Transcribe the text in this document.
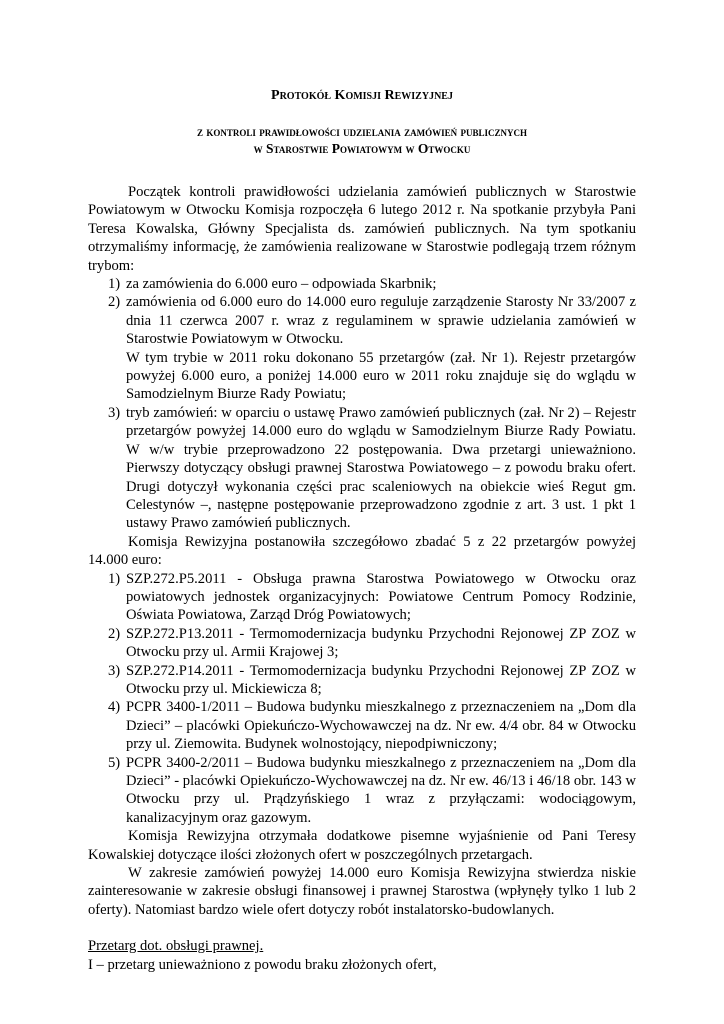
Protokół Komisji Rewizyjnej
z kontroli prawidłowości udzielania zamówień publicznych
w Starostwie Powiatowym w Otwocku

Początek kontroli prawidłowości udzielania zamówień publicznych w Starostwie Powiatowym w Otwocku Komisja rozpoczęła 6 lutego 2012 r. Na spotkanie przybyła Pani Teresa Kowalska, Główny Specjalista ds. zamówień publicznych. Na tym spotkaniu otrzymaliśmy informację, że zamówienia realizowane w Starostwie podlegają trzem różnym trybom:

1) za zamówienia do 6.000 euro – odpowiada Skarbnik;

2) zamówienia od 6.000 euro do 14.000 euro reguluje zarządzenie Starosty Nr 33/2007 z dnia 11 czerwca 2007 r. wraz z regulaminem w sprawie udzielania zamówień w Starostwie Powiatowym w Otwocku.

W tym trybie w 2011 roku dokonano 55 przetargów (zał. Nr 1). Rejestr przetargów powyżej 6.000 euro, a poniżej 14.000 euro w 2011 roku znajduje się do wglądu w Samodzielnym Biurze Rady Powiatu;

3) tryb zamówień: w oparciu o ustawę Prawo zamówień publicznych (zał. Nr 2) – Rejestr przetargów powyżej 14.000 euro do wglądu w Samodzielnym Biurze Rady Powiatu. W w/w trybie przeprowadzono 22 postępowania. Dwa przetargi unieważniono. Pierwszy dotyczący obsługi prawnej Starostwa Powiatowego – z powodu braku ofert. Drugi dotyczył wykonania części prac scaleniowych na obiekcie wieś Regut gm. Celestynów –, następne postępowanie przeprowadzono zgodnie z art. 3 ust. 1 pkt 1 ustawy Prawo zamówień publicznych.

Komisja Rewizyjna postanowiła szczegółowo zbadać 5 z 22 przetargów powyżej 14.000 euro:

1) SZP.272.P5.2011 - Obsługa prawna Starostwa Powiatowego w Otwocku oraz powiatowych jednostek organizacyjnych: Powiatowe Centrum Pomocy Rodzinie, Oświata Powiatowa, Zarząd Dróg Powiatowych;

2) SZP.272.P13.2011 - Termomodernizacja budynku Przychodni Rejonowej ZP ZOZ w Otwocku przy ul. Armii Krajowej 3;

3) SZP.272.P14.2011 - Termomodernizacja budynku Przychodni Rejonowej ZP ZOZ w Otwocku przy ul. Mickiewicza 8;

4) PCPR 3400-1/2011 – Budowa budynku mieszkalnego z przeznaczeniem na „Dom dla Dzieci” – placówki Opiekuńczo-Wychowawczej na dz. Nr ew. 4/4 obr. 84 w Otwocku przy ul. Ziemowita. Budynek wolnostojący, niepodpiwniczony;

5) PCPR 3400-2/2011 – Budowa budynku mieszkalnego z przeznaczeniem na „Dom dla Dzieci” - placówki Opiekuńczo-Wychowawczej na dz. Nr ew. 46/13 i 46/18 obr. 143 w Otwocku przy ul. Prądzyńskiego 1 wraz z przyłączami: wodociągowym, kanalizacyjnym oraz gazowym.

Komisja Rewizyjna otrzymała dodatkowe pisemne wyjaśnienie od Pani Teresy Kowalskiej dotyczące ilości złożonych ofert w poszczególnych przetargach.

W zakresie zamówień powyżej 14.000 euro Komisja Rewizyjna stwierdza niskie zainteresowanie w zakresie obsługi finansowej i prawnej Starostwa (wpłynęły tylko 1 lub 2 oferty). Natomiast bardzo wiele ofert dotyczy robót instalatorsko-budowlanych.

Przetarg dot. obsługi prawnej.

I – przetarg unieważniono z powodu braku złożonych ofert,
